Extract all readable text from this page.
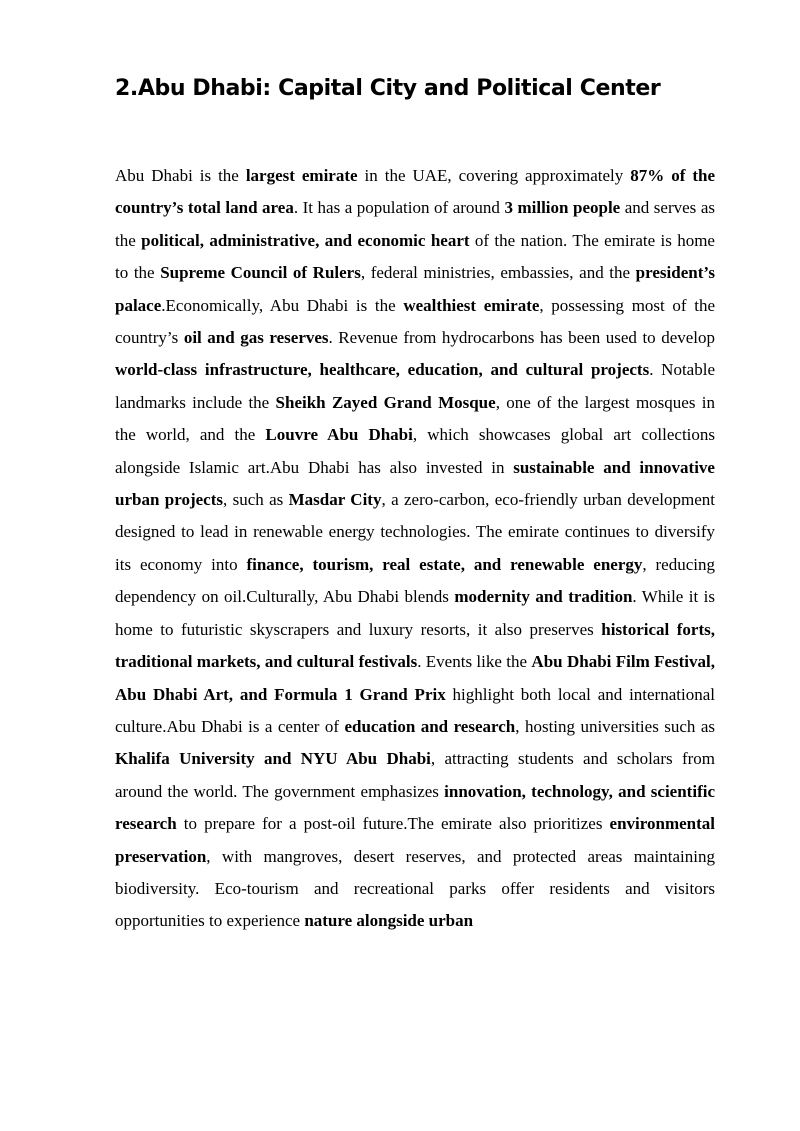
2.Abu Dhabi: Capital City and Political Center

Abu Dhabi is the largest emirate in the UAE, covering approximately 87% of the country’s total land area. It has a population of around 3 million people and serves as the political, administrative, and economic heart of the nation. The emirate is home to the Supreme Council of Rulers, federal ministries, embassies, and the president’s palace.Economically, Abu Dhabi is the wealthiest emirate, possessing most of the country’s oil and gas reserves. Revenue from hydrocarbons has been used to develop world-class infrastructure, healthcare, education, and cultural projects. Notable landmarks include the Sheikh Zayed Grand Mosque, one of the largest mosques in the world, and the Louvre Abu Dhabi, which showcases global art collections alongside Islamic art.Abu Dhabi has also invested in sustainable and innovative urban projects, such as Masdar City, a zero-carbon, eco-friendly urban development designed to lead in renewable energy technologies. The emirate continues to diversify its economy into finance, tourism, real estate, and renewable energy, reducing dependency on oil.Culturally, Abu Dhabi blends modernity and tradition. While it is home to futuristic skyscrapers and luxury resorts, it also preserves historical forts, traditional markets, and cultural festivals. Events like the Abu Dhabi Film Festival, Abu Dhabi Art, and Formula 1 Grand Prix highlight both local and international culture.Abu Dhabi is a center of education and research, hosting universities such as Khalifa University and NYU Abu Dhabi, attracting students and scholars from around the world. The government emphasizes innovation, technology, and scientific research to prepare for a post-oil future.The emirate also prioritizes environmental preservation, with mangroves, desert reserves, and protected areas maintaining biodiversity. Eco-tourism and recreational parks offer residents and visitors opportunities to experience nature alongside urban
